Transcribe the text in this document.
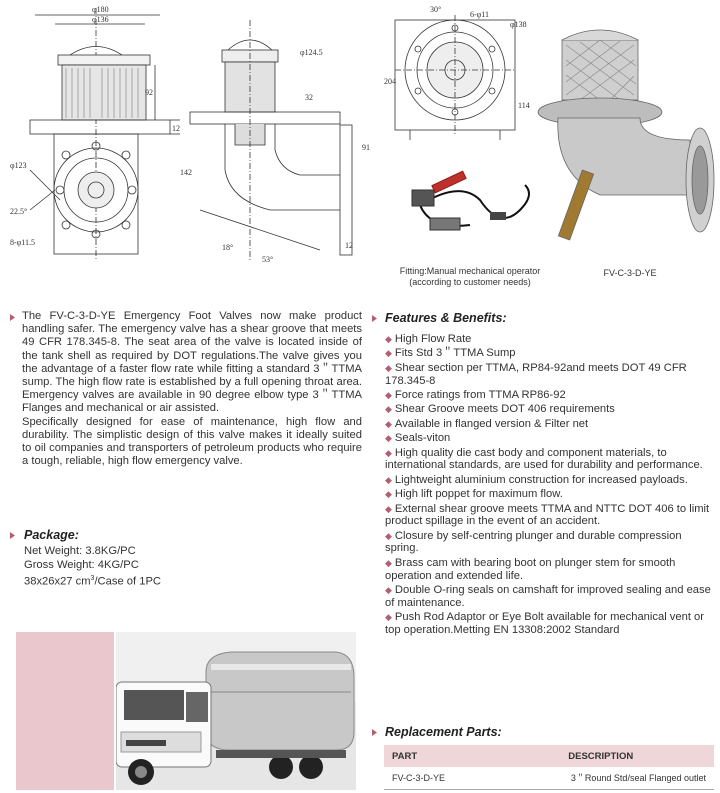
φ180
φ136
92
12
φ123
22.5°
8-φ11.5
φ124.5
32
91
142
12
18°
53°
30°
6-φ11
φ138
204
114
Fitting:Manual mechanical operator
(according to customer needs)
FV-C-3-D-YE

The FV-C-3-D-YE Emergency Foot Valves now make product handling safer. The emergency valve has a shear groove that meets 49 CFR 178.345-8. The seat area of the valve is located inside of the tank shell as required by DOT regulations.The valve gives you the advantage of a faster flow rate while fitting a standard 3＂TTMA sump. The high flow rate is established by a full opening throat area. Emergency valves are available in 90 degree elbow type 3＂TTMA Flanges and mechanical or air assisted.

Specifically designed for ease of maintenance, high flow and durability. The simplistic design of this valve makes it ideally suited to oil companies and transporters of petroleum products who require a tough, reliable, high flow emergency valve.

Package:
Net Weight: 3.8KG/PC
Gross Weight: 4KG/PC
38x26x27 $cm^3$/Case of 1PC
Features & Benefits:
◆ High Flow Rate
◆ Fits Std 3＂TTMA Sump
◆ Shear section per TTMA, RP84-92and meets DOT 49 CFR 178.345-8
◆ Force ratings from TTMA RP86-92
◆ Shear Groove meets DOT 406 requirements
◆ Available in flanged version & Filter net
◆ Seals-viton
◆ High quality die cast body and component materials, to international standards, are used for durability and performance.
◆ Lightweight aluminium construction for increased payloads.
◆ High lift poppet for maximum flow.
◆ External shear groove meets TTMA and NTTC DOT 406 to limit product spillage in the event of an accident.
◆ Closure by self-centring plunger and durable compression spring.
◆ Brass cam with bearing boot on plunger stem for smooth operation and extended life.
◆ Double O-ring seals on camshaft for improved sealing and ease of maintenance.
◆ Push Rod Adaptor or Eye Bolt available for mechanical vent or top operation.Metting EN 13308:2002 Standard
Replacement Parts:
PART	DESCRIPTION
FV-C-3-D-YE	3＂Round Std/seal Flanged outlet
